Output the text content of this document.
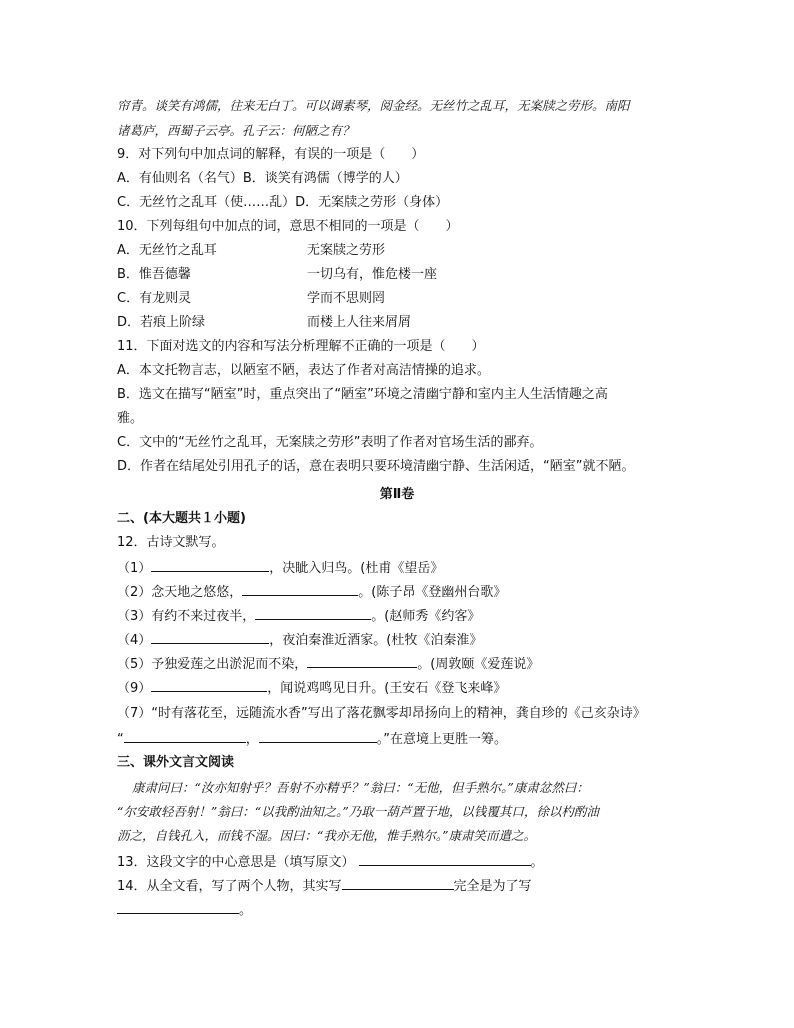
帘青。谈笑有鸿儒，往来无白丁。可以调素琴，阅金经。无丝竹之乱耳，无案牍之劳形。南阳
诸葛庐，西蜀子云亭。孔子云：何陋之有？
9．对下列句中加点词的解释，有误的一项是（　　）
A．有仙则名（名气）B．谈笑有鸿儒（博学的人）
C．无丝竹之乱耳（使……乱）D．无案牍之劳形（身体）
10．下列每组句中加点的词，意思不相同的一项是（　　）
A．无丝竹之乱耳	无案牍之劳形
B．惟吾德馨	一切乌有，惟危楼一座
C．有龙则灵	学而不思则罔
D．若痕上阶绿	而楼上人往来屑屑
11．下面对选文的内容和写法分析理解不正确的一项是（　　）
A．本文托物言志，以陋室不陋，表达了作者对高洁情操的追求。
B．选文在描写“陋室”时，重点突出了“陋室”环境之清幽宁静和室内主人生活情趣之高
雅。
C．文中的“无丝竹之乱耳，无案牍之劳形”表明了作者对官场生活的鄙弃。
D．作者在结尾处引用孔子的话，意在表明只要环境清幽宁静、生活闲适，“陋室”就不陋。
第Ⅱ卷
二、(本大题共１小题)
12．古诗文默写。
（1）	，决眦入归鸟。(杜甫《望岳》
（2）念天地之悠悠，	。(陈子昂《登幽州台歌》
（3）有约不来过夜半，	。(赵师秀《约客》
（4）	，夜泊秦淮近酒家。(杜牧《泊秦淮》
（5）予独爱莲之出淤泥而不染，	。(周敦颐《爱莲说》
（9）	，闻说鸡鸣见日升。(王安石《登飞来峰》
（7）“时有落花至，远随流水香”写出了落花飘零却昂扬向上的精神，龚自珍的《己亥杂诗》
“	，	。”在意境上更胜一筹。
三、课外文言文阅读
康肃问曰：“汝亦知射乎？吾射不亦精乎？”翁曰：“无他，但手熟尔。”康肃忿然曰：
“尔安敢轻吾射！”翁曰：“以我酌油知之。”乃取一葫芦置于地，以钱覆其口，徐以杓酌油
沥之，自钱孔入，而钱不湿。因曰：“我亦无他，惟手熟尔。”康肃笑而遣之。
13．这段文字的中心意思是（填写原文）	。
14．从全文看，写了两个人物，其实写	完全是为了写
。
